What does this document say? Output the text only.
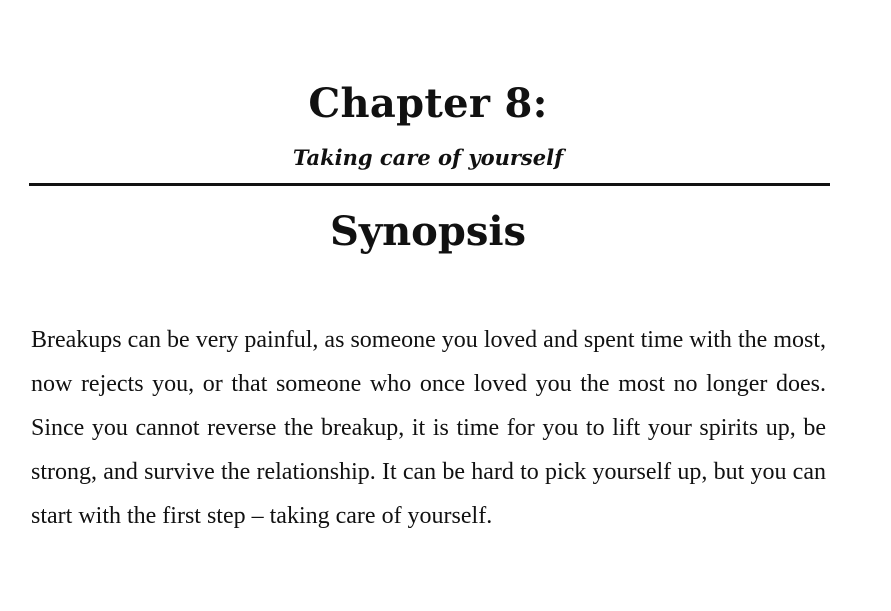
Chapter 8:
Taking care of yourself
Synopsis

Breakups can be very painful, as someone you loved and spent time with the most, now rejects you, or that someone who once loved you the most no longer does. Since you cannot reverse the breakup, it is time for you to lift your spirits up, be strong, and survive the relationship. It can be hard to pick yourself up, but you can start with the first step – taking care of yourself.
